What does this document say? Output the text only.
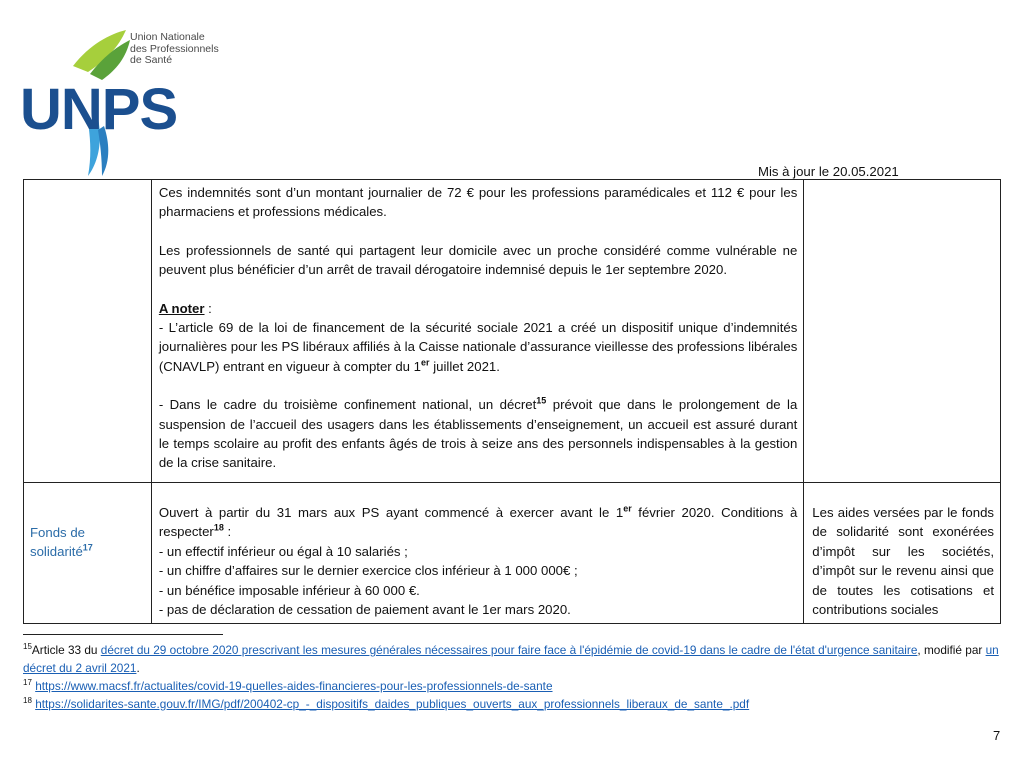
Union Nationale
des Professionnels
de Santé
UNPS
Mis à jour le 20.05.2021

	Ces indemnités sont d’un montant journalier de 72 € pour les professions paramédicales et 112 € pour les pharmaciens et professions médicales.

Les professionnels de santé qui partagent leur domicile avec un proche considéré comme vulnérable ne peuvent plus bénéficier d’un arrêt de travail dérogatoire indemnisé depuis le 1er septembre 2020.

A noter :

- L’article 69 de la loi de financement de la sécurité sociale 2021 a créé un dispositif unique d’indemnités journalières pour les PS libéraux affiliés à la Caisse nationale d’assurance vieillesse des professions libérales (CNAVLP) entrant en vigueur à compter du 1er juillet 2021.

- Dans le cadre du troisième confinement national, un décret$^{15}$ prévoit que dans le prolongement de la suspension de l’accueil des usagers dans les établissements d’enseignement, un accueil est assuré durant le temps scolaire au profit des enfants âgés de trois à seize ans des personnels indispensables à la gestion de la crise sanitaire.	

Fonds de solidarité$^{17}$	Ouvert à partir du 31 mars aux PS ayant commencé à exercer avant le 1er février 2020. Conditions à respecter$^{18}$ :

- un effectif inférieur ou égal à 10 salariés ;

- un chiffre d’affaires sur le dernier exercice clos inférieur à 1 000 000€ ;

- un bénéfice imposable inférieur à 60 000 €.

- pas de déclaration de cessation de paiement avant le 1er mars 2020.	Les aides versées par le fonds de solidarité sont exonérées d’impôt sur les sociétés, d’impôt sur le revenu ainsi que de toutes les cotisations et contributions sociales
$^{15}$Article 33 du décret du 29 octobre 2020 prescrivant les mesures générales nécessaires pour faire face à l'épidémie de covid-19 dans le cadre de l'état d'urgence sanitaire, modifié par un décret du 2 avril 2021.
$^{17}$ https://www.macsf.fr/actualites/covid-19-quelles-aides-financieres-pour-les-professionnels-de-sante
$^{18}$ https://solidarites-sante.gouv.fr/IMG/pdf/200402-cp_-_dispositifs_daides_publiques_ouverts_aux_professionnels_liberaux_de_sante_.pdf
7
